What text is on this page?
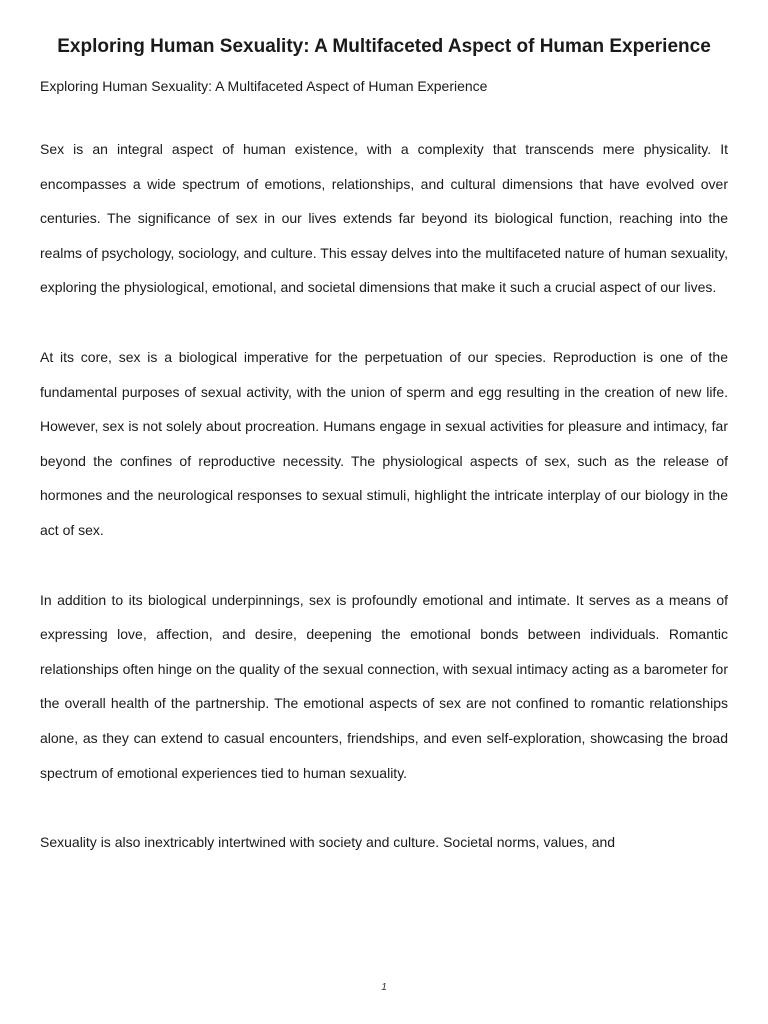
Exploring Human Sexuality: A Multifaceted Aspect of Human Experience

Exploring Human Sexuality: A Multifaceted Aspect of Human Experience

Sex is an integral aspect of human existence, with a complexity that transcends mere physicality. It encompasses a wide spectrum of emotions, relationships, and cultural dimensions that have evolved over centuries. The significance of sex in our lives extends far beyond its biological function, reaching into the realms of psychology, sociology, and culture. This essay delves into the multifaceted nature of human sexuality, exploring the physiological, emotional, and societal dimensions that make it such a crucial aspect of our lives.

At its core, sex is a biological imperative for the perpetuation of our species. Reproduction is one of the fundamental purposes of sexual activity, with the union of sperm and egg resulting in the creation of new life. However, sex is not solely about procreation. Humans engage in sexual activities for pleasure and intimacy, far beyond the confines of reproductive necessity. The physiological aspects of sex, such as the release of hormones and the neurological responses to sexual stimuli, highlight the intricate interplay of our biology in the act of sex.

In addition to its biological underpinnings, sex is profoundly emotional and intimate. It serves as a means of expressing love, affection, and desire, deepening the emotional bonds between individuals. Romantic relationships often hinge on the quality of the sexual connection, with sexual intimacy acting as a barometer for the overall health of the partnership. The emotional aspects of sex are not confined to romantic relationships alone, as they can extend to casual encounters, friendships, and even self-exploration, showcasing the broad spectrum of emotional experiences tied to human sexuality.

Sexuality is also inextricably intertwined with society and culture. Societal norms, values, and

1
